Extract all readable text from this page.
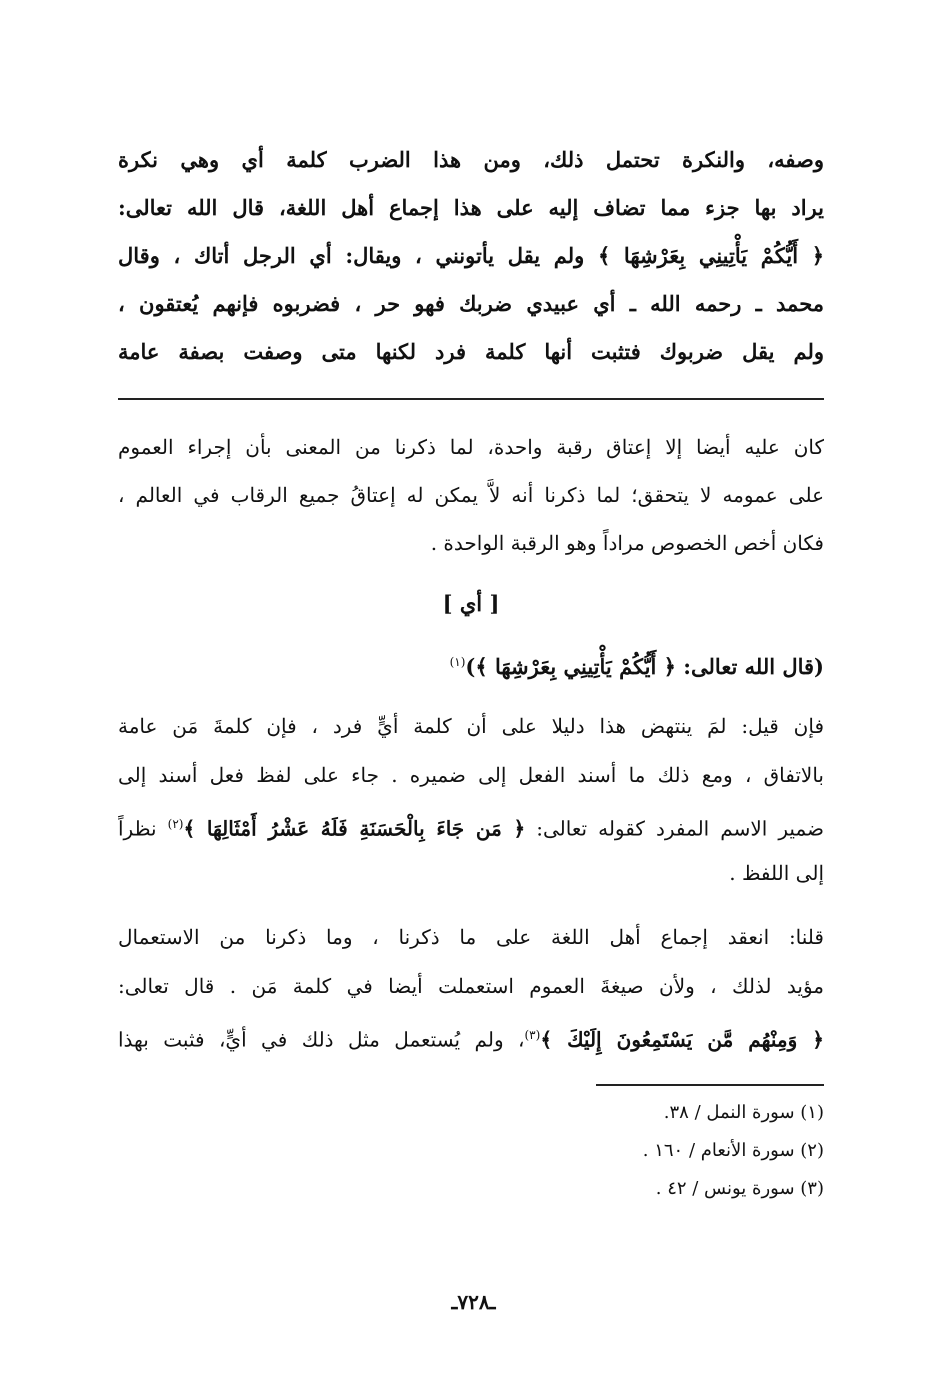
وصفه، والنكرة تحتمل ذلك، ومن هذا الضرب كلمة أي وهي نكرة
يراد بها جزء مما تضاف إليه على هذا إجماع أهل اللغة، قال الله تعالى:
﴿ أَيُّكُمْ يَأْتِينِي بِعَرْشِهَا ﴾ ولم يقل يأتونني ، ويقال: أي الرجل أتاك ، وقال
محمد ـ رحمه الله ـ أي عبيدي ضربك فهو حر ، فضربوه فإنهم يُعتقون ،
ولم يقل ضربوك فتثبت أنها كلمة فرد لكنها متى وصفت بصفة عامة
كان عليه أيضا إلا إعتاق رقبة واحدة، لما ذكرنا من المعنى بأن إجراء العموم
على عمومه لا يتحقق؛ لما ذكرنا أنه لاَّ يمكن له إعتاقُ جميع الرقاب في العالم ،
فكان أخص الخصوص مراداً وهو الرقبة الواحدة .
[ أي ]
(قال الله تعالى: ﴿ أَيُّكُمْ يَأْتِينِي بِعَرْشِهَا ﴾)$^{(١)}$
فإن قيل: لمَ ينتهض هذا دليلا على أن كلمة أيٍّ فرد ، فإن كلمةَ مَن عامة
بالاتفاق ، ومع ذلك ما أسند الفعل إلى ضميره . جاء على لفظ فعل أسند إلى
ضمير الاسم المفرد كقوله تعالى: ﴿ مَن جَاءَ بِالْحَسَنَةِ فَلَهُ عَشْرُ أَمْثَالِهَا ﴾$^{(٢)}$ نظراً
إلى اللفظ .
قلنا: انعقد إجماع أهل اللغة على ما ذكرنا ، وما ذكرنا من الاستعمال
مؤيد لذلك ، ولأن صيغةَ العموم استعملت أيضا في كلمة مَن . قال تعالى:
﴿ وَمِنْهُم مَّن يَسْتَمِعُونَ إِلَيْكَ ﴾$^{(٣)}$، ولم يُستعمل مثل ذلك في أيٍّ، فثبت بهذا
(١) سورة النمل / ٣٨.
(٢) سورة الأنعام / ١٦٠ .
(٣) سورة يونس / ٤٢ .
ـ٧٢٨ـ
